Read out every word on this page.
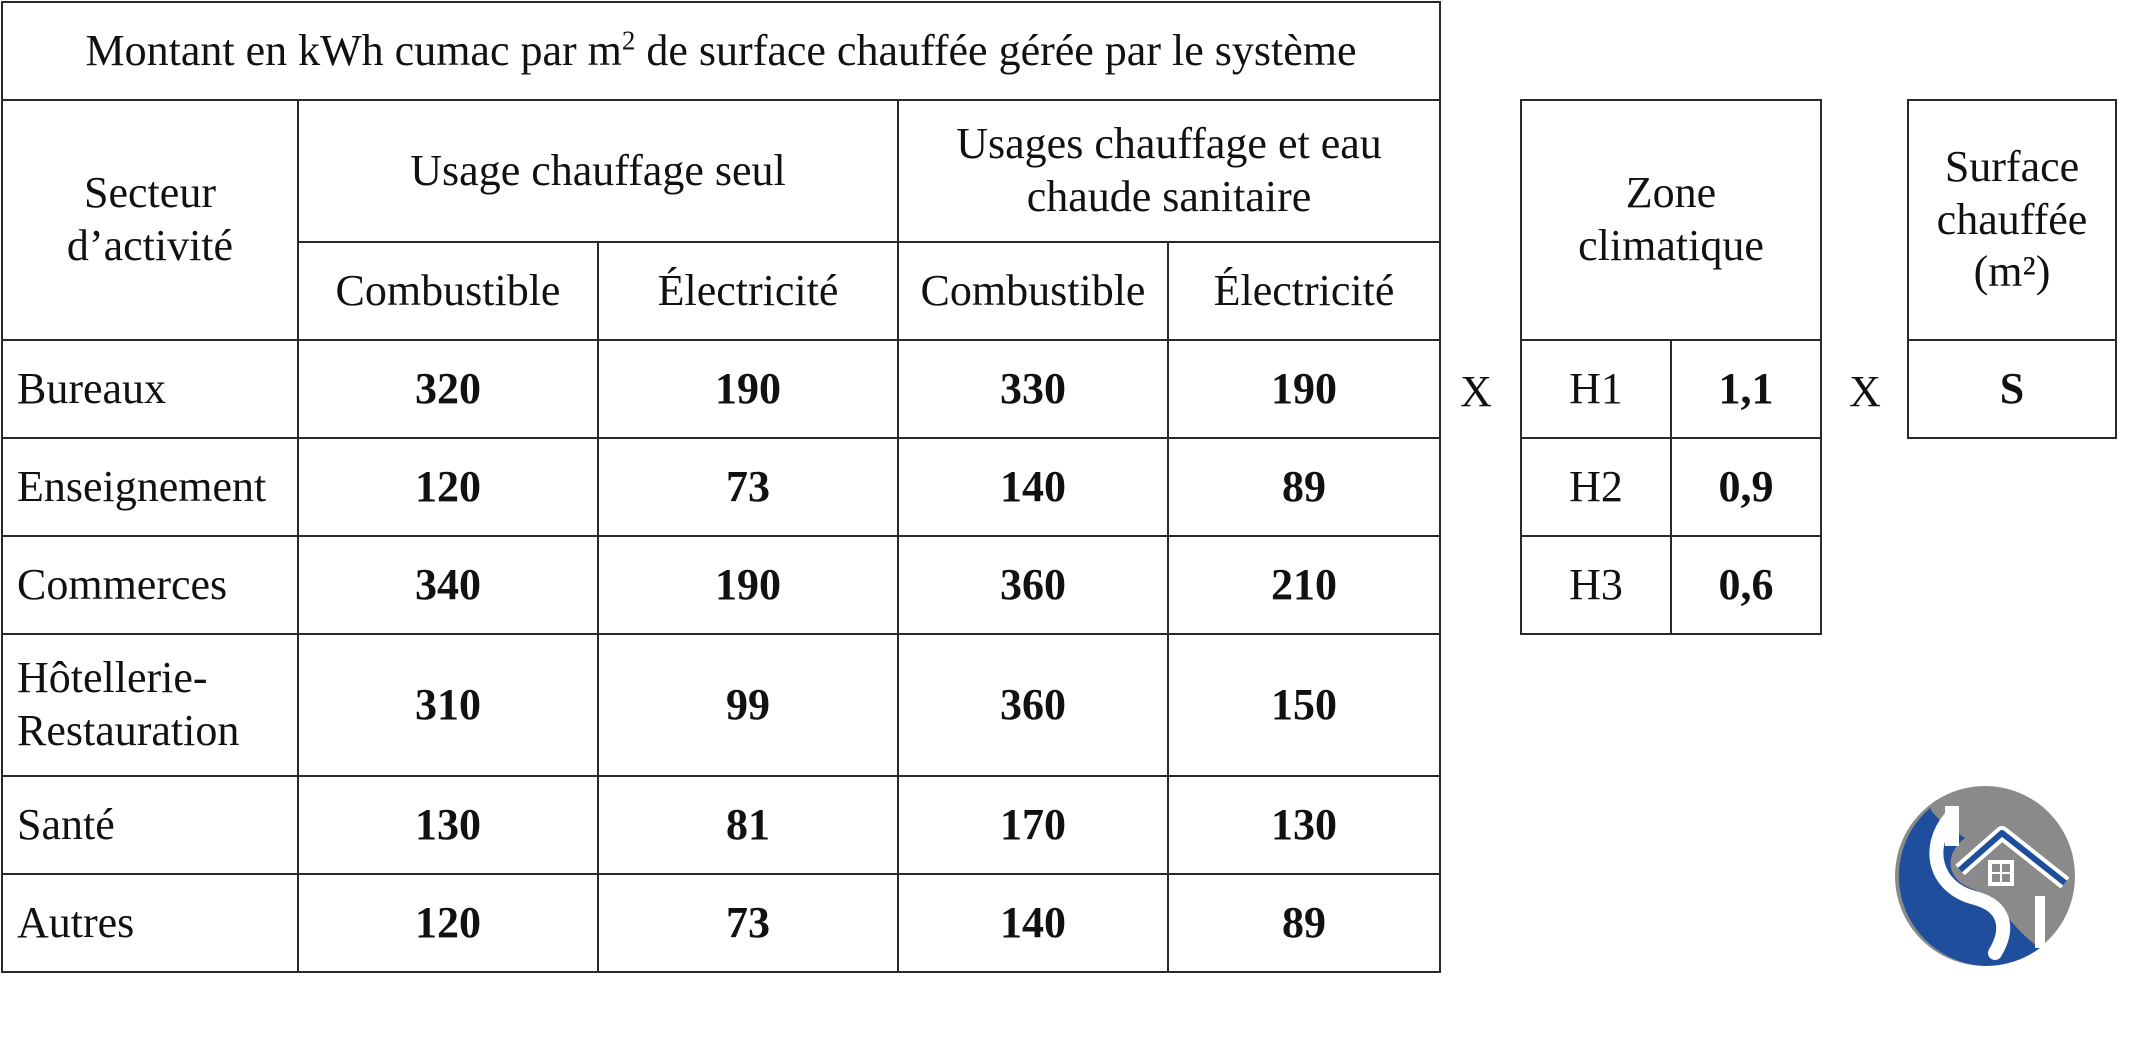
Montant en kWh cumac par $m^2$ de surface chauffée gérée par le système				
Secteur d’activité	Usage chauffage seul		Usages chauffage et eau chaude sanitaire	
	Combustible	Électricité	Combustible	Électricité
Bureaux	320	190	330	190
Enseignement	120	73	140	89
Commerces	340	190	360	210
Hôtellerie-Restauration	310	99	360	150
Santé	130	81	170	130
Autres	120	73	140	89
X
Zone climatique	
H1	1,1
H2	0,9
H3	0,6
X
Surface chauffée (m²)
S
